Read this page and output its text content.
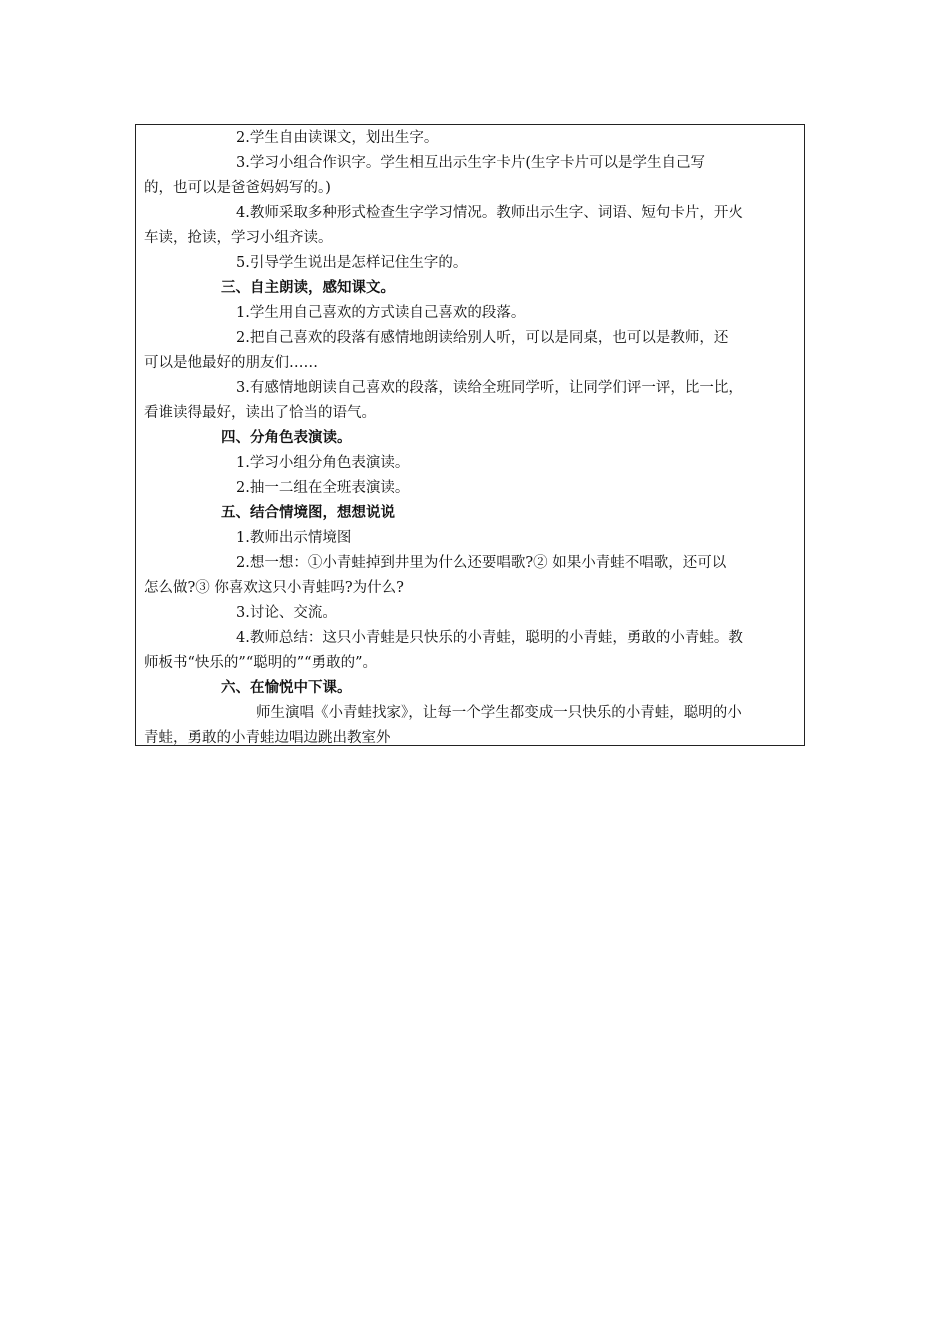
2.学生自由读课文，划出生字。
3.学习小组合作识字。学生相互出示生字卡片(生字卡片可以是学生自己写
的，也可以是爸爸妈妈写的。)
4.教师采取多种形式检查生字学习情况。教师出示生字、词语、短句卡片，开火
车读，抢读，学习小组齐读。
5.引导学生说出是怎样记住生字的。
三、自主朗读，感知课文。
1.学生用自己喜欢的方式读自己喜欢的段落。
2.把自己喜欢的段落有感情地朗读给别人听，可以是同桌，也可以是教师，还
可以是他最好的朋友们……
3.有感情地朗读自己喜欢的段落，读给全班同学听，让同学们评一评，比一比，
看谁读得最好，读出了恰当的语气。
四、分角色表演读。
1.学习小组分角色表演读。
2.抽一二组在全班表演读。
五、结合情境图，想想说说
1.教师出示情境图
2.想一想：①小青蛙掉到井里为什么还要唱歌?② 如果小青蛙不唱歌，还可以
怎么做?③ 你喜欢这只小青蛙吗?为什么?
3.讨论、交流。
4.教师总结：这只小青蛙是只快乐的小青蛙，聪明的小青蛙，勇敢的小青蛙。教
师板书“快乐的”“聪明的”“勇敢的”。
六、在愉悦中下课。
师生演唱《小青蛙找家》，让每一个学生都变成一只快乐的小青蛙，聪明的小
青蛙，勇敢的小青蛙边唱边跳出教室外
